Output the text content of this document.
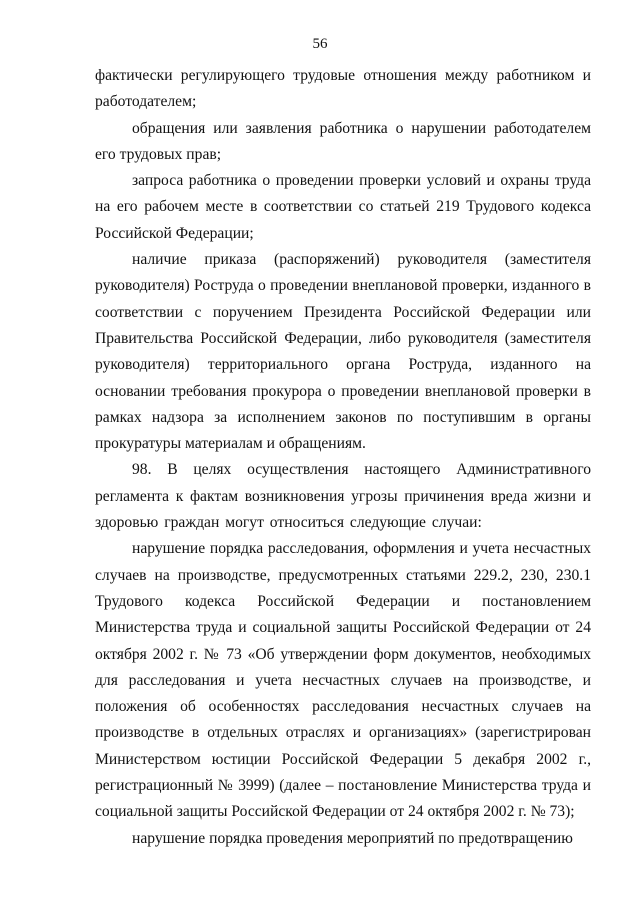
56

фактически регулирующего трудовые отношения между работником и работодателем;

обращения или заявления работника о нарушении работодателем его трудовых прав;

запроса работника о проведении проверки условий и охраны труда на его рабочем месте в соответствии со статьей 219 Трудового кодекса Российской Федерации;

наличие приказа (распоряжений) руководителя (заместителя руководителя) Роструда о проведении внеплановой проверки, изданного в соответствии с поручением Президента Российской Федерации или Правительства Российской Федерации, либо руководителя (заместителя руководителя) территориального органа Роструда, изданного на основании требования прокурора о проведении внеплановой проверки в рамках надзора за исполнением законов по поступившим в органы прокуратуры материалам и обращениям.

98. В целях осуществления настоящего Административного регламента к фактам возникновения угрозы причинения вреда жизни и здоровью граждан могут относиться следующие случаи:

нарушение порядка расследования, оформления и учета несчастных случаев на производстве, предусмотренных статьями 229.2, 230, 230.1 Трудового кодекса Российской Федерации и постановлением Министерства труда и социальной защиты Российской Федерации от 24 октября 2002 г. № 73 «Об утверждении форм документов, необходимых для расследования и учета несчастных случаев на производстве, и положения об особенностях расследования несчастных случаев на производстве в отдельных отраслях и организациях» (зарегистрирован Министерством юстиции Российской Федерации 5 декабря 2002 г., регистрационный № 3999) (далее – постановление Министерства труда и социальной защиты Российской Федерации от 24 октября 2002 г. № 73);

нарушение порядка проведения мероприятий по предотвращению
